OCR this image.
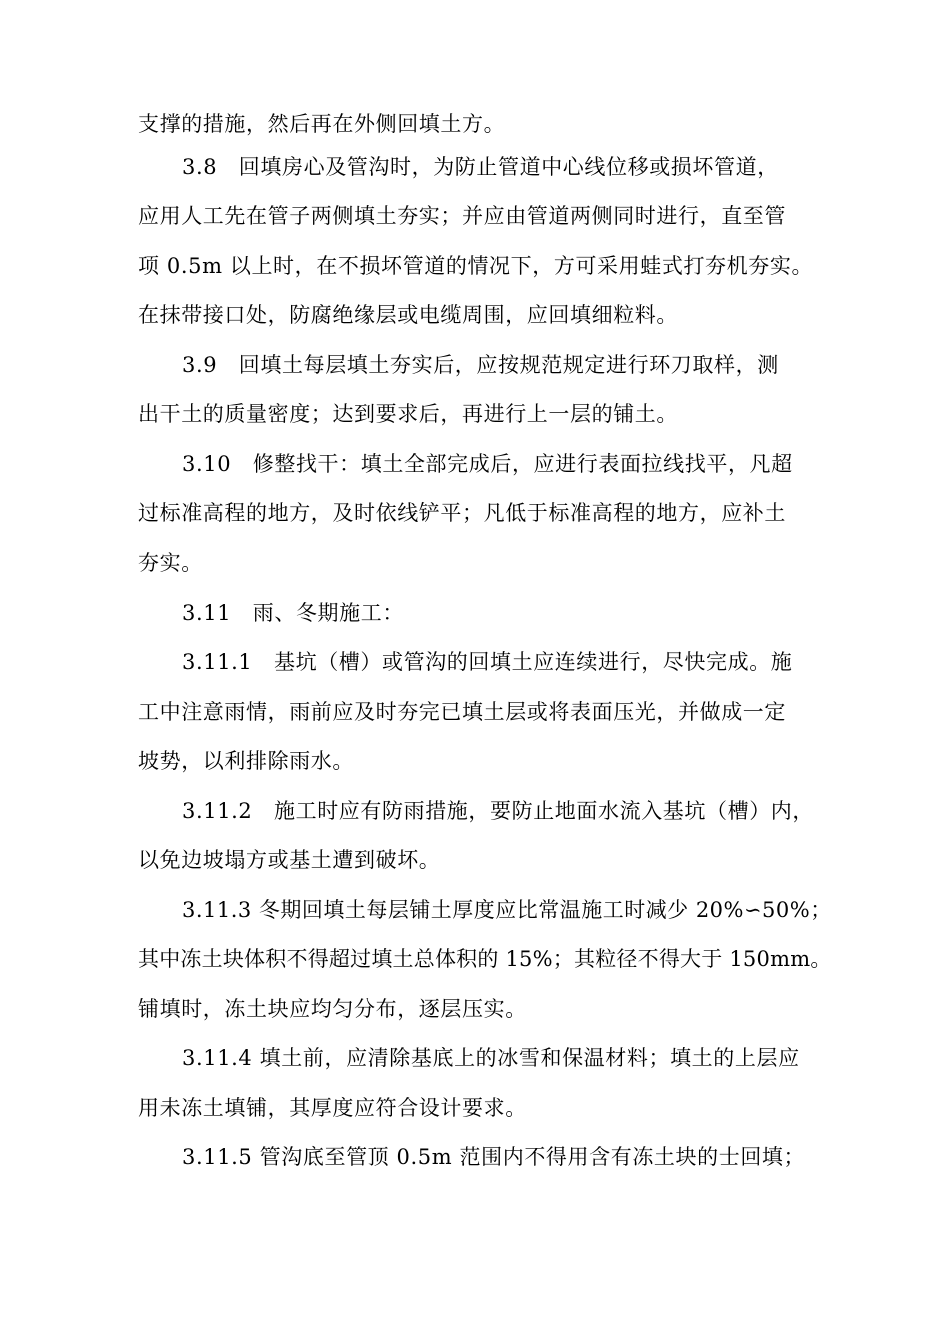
支撑的措施，然后再在外侧回填土方。
3.8　回填房心及管沟时，为防止管道中心线位移或损坏管道，
应用人工先在管子两侧填土夯实；并应由管道两侧同时进行，直至管
项 0.5m 以上时，在不损坏管道的情况下，方可采用蛙式打夯机夯实。
在抹带接口处，防腐绝缘层或电缆周围，应回填细粒料。
3.9　回填土每层填土夯实后，应按规范规定进行环刀取样，测
出干土的质量密度；达到要求后，再进行上一层的铺土。
3.10　修整找干：填土全部完成后，应进行表面拉线找平，凡超
过标准高程的地方，及时依线铲平；凡低于标准高程的地方，应补土
夯实。
3.11　雨、冬期施工：
3.11.1　基坑（槽）或管沟的回填土应连续进行，尽快完成。施
工中注意雨情，雨前应及时夯完已填土层或将表面压光，并做成一定
坡势，以利排除雨水。
3.11.2　施工时应有防雨措施，要防止地面水流入基坑（槽）内，
以免边坡塌方或基土遭到破坏。
3.11.3 冬期回填土每层铺土厚度应比常温施工时减少 20%∽50%；
其中冻土块体积不得超过填土总体积的 15%；其粒径不得大于 150mm。
铺填时，冻土块应均匀分布，逐层压实。
3.11.4 填土前，应清除基底上的冰雪和保温材料；填土的上层应
用未冻土填铺，其厚度应符合设计要求。
3.11.5 管沟底至管顶 0.5m 范围内不得用含有冻土块的士回填；
